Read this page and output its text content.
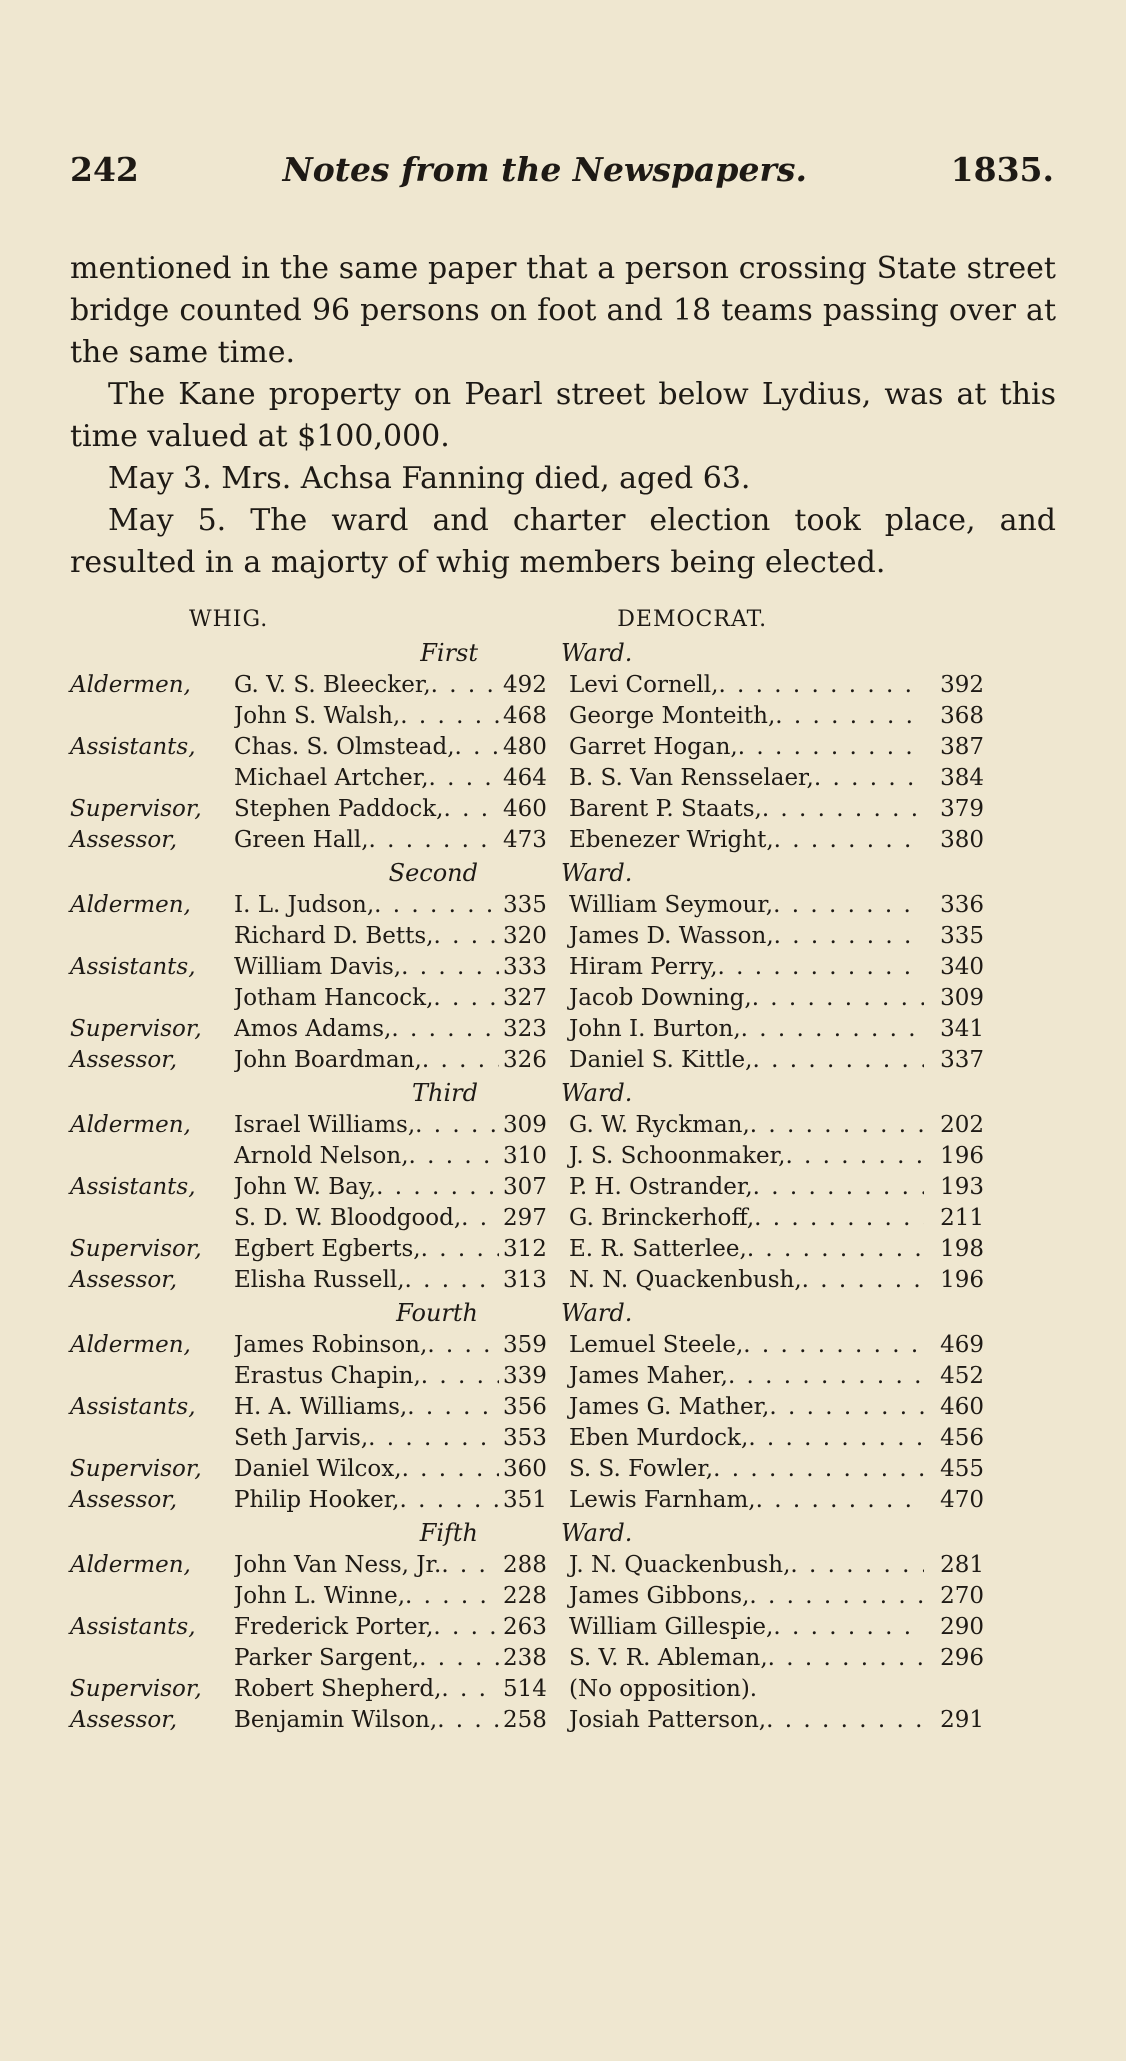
242	Notes from the Newspapers.	1835.

mentioned in the same paper that a person crossing State street bridge counted 96 persons on foot and 18 teams passing over at the same time.

The Kane property on Pearl street below Lydius, was at this time valued at $100,000.

May 3. Mrs. Achsa Fanning died, aged 63.

May 5. The ward and charter election took place, and resulted in a majorty of whig members being elected.

WHIG.	DEMOCRAT.
First	Ward.
Aldermen,	G. V. S. Bleecker, . . .	492 Levi Cornell, . . .	392
John S. Walsh, . . .	468 George Monteith, . . .	368
Assistants,	Chas. S. Olmstead, . . . 480 Garret Hogan, . . .	387
Michael Artcher, . . .	464 B. S. Van Rensselaer, . . .	384
Supervisor,	Stephen Paddock, . . .	460 Barent P. Staats, . . .	379
Assessor,	Green Hall, . . .	473 Ebenezer Wright, . . .	380
Second	Ward.
Aldermen,	I. L. Judson, . . .	335 William Seymour, . . .	336
Richard D. Betts, . . .	320 James D. Wasson, . . .	335
Assistants,	William Davis, . . .	333 Hiram Perry, . . .	340
Jotham Hancock, . . .	327 Jacob Downing, . . .	309
Supervisor,	Amos Adams, . . .	323 John I. Burton, . . .	341
Assessor,	John Boardman, . . .	326 Daniel S. Kittle, . . .	337
Third	Ward.
Aldermen,	Israel Williams, . . .	309 G. W. Ryckman, . . .	202
Arnold Nelson, . . .	310 J. S. Schoonmaker, . . .	196
Assistants,	John W. Bay, . . .	307 P. H. Ostrander, . . .	193
S. D. W. Bloodgood, . . . 297 G. Brinckerhoff, . . .	211
Supervisor,	Egbert Egberts, . . .	312 E. R. Satterlee, . . .	198
Assessor,	Elisha Russell, . . .	313 N. N. Quackenbush, . . .	196
Fourth	Ward.
Aldermen,	James Robinson, . . .	359 Lemuel Steele, . . .	469
Erastus Chapin, . . .	339 James Maher, . . .	452
Assistants,	H. A. Williams, . . .	356 James G. Mather, . . .	460
Seth Jarvis, . . .	353 Eben Murdock, . . .	456
Supervisor,	Daniel Wilcox, . . .	360 S. S. Fowler, . . .	455
Assessor,	Philip Hooker, . . .	351 Lewis Farnham, . . .	470
Fifth	Ward.
Aldermen,	John Van Ness, Jr. . . .	288 J. N. Quackenbush, . . .	281
John L. Winne, . . .	228 James Gibbons, . . .	270
Assistants,	Frederick Porter, . . .	263 William Gillespie, . . .	290
Parker Sargent, . . .	238 S. V. R. Ableman, . . .	296
Supervisor,	Robert Shepherd, . . .	514 (No opposition).
Assessor,	Benjamin Wilson, . . .	258 Josiah Patterson, . . .	291
